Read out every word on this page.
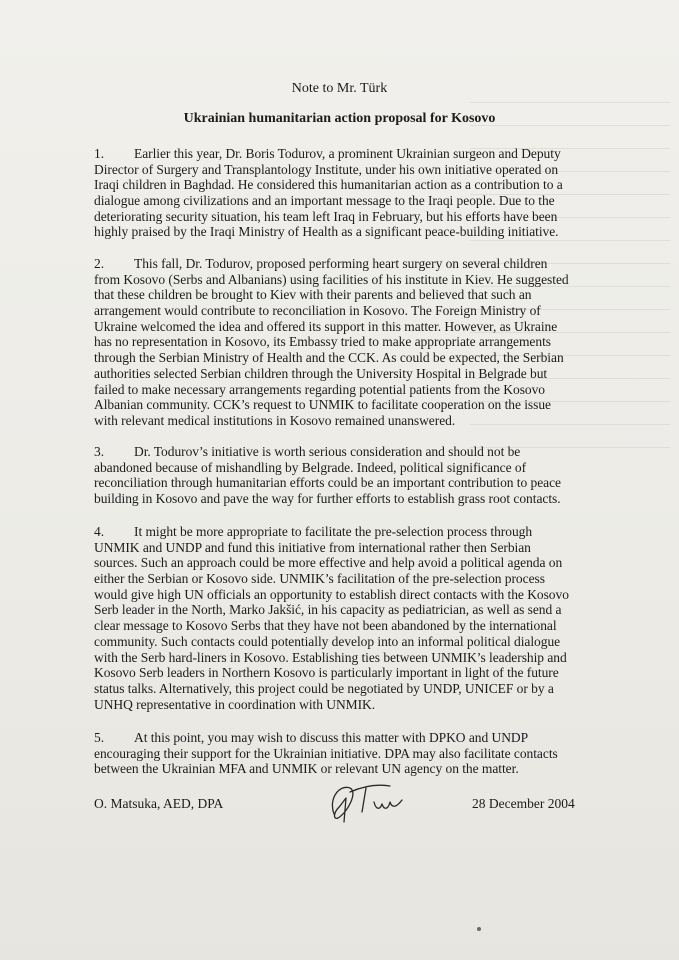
Note to Mr. Türk
Ukrainian humanitarian action proposal for Kosovo
1. Earlier this year, Dr. Boris Todurov, a prominent Ukrainian surgeon and Deputy
Director of Surgery and Transplantology Institute, under his own initiative operated on
Iraqi children in Baghdad. He considered this humanitarian action as a contribution to a
dialogue among civilizations and an important message to the Iraqi people. Due to the
deteriorating security situation, his team left Iraq in February, but his efforts have been
highly praised by the Iraqi Ministry of Health as a significant peace-building initiative.
2. This fall, Dr. Todurov, proposed performing heart surgery on several children
from Kosovo (Serbs and Albanians) using facilities of his institute in Kiev. He suggested
that these children be brought to Kiev with their parents and believed that such an
arrangement would contribute to reconciliation in Kosovo. The Foreign Ministry of
Ukraine welcomed the idea and offered its support in this matter. However, as Ukraine
has no representation in Kosovo, its Embassy tried to make appropriate arrangements
through the Serbian Ministry of Health and the CCK. As could be expected, the Serbian
authorities selected Serbian children through the University Hospital in Belgrade but
failed to make necessary arrangements regarding potential patients from the Kosovo
Albanian community. CCK’s request to UNMIK to facilitate cooperation on the issue
with relevant medical institutions in Kosovo remained unanswered.
3. Dr. Todurov’s initiative is worth serious consideration and should not be
abandoned because of mishandling by Belgrade. Indeed, political significance of
reconciliation through humanitarian efforts could be an important contribution to peace
building in Kosovo and pave the way for further efforts to establish grass root contacts.
4. It might be more appropriate to facilitate the pre-selection process through
UNMIK and UNDP and fund this initiative from international rather then Serbian
sources. Such an approach could be more effective and help avoid a political agenda on
either the Serbian or Kosovo side. UNMIK’s facilitation of the pre-selection process
would give high UN officials an opportunity to establish direct contacts with the Kosovo
Serb leader in the North, Marko Jakšić, in his capacity as pediatrician, as well as send a
clear message to Kosovo Serbs that they have not been abandoned by the international
community. Such contacts could potentially develop into an informal political dialogue
with the Serb hard-liners in Kosovo. Establishing ties between UNMIK’s leadership and
Kosovo Serb leaders in Northern Kosovo is particularly important in light of the future
status talks. Alternatively, this project could be negotiated by UNDP, UNICEF or by a
UNHQ representative in coordination with UNMIK.
5. At this point, you may wish to discuss this matter with DPKO and UNDP
encouraging their support for the Ukrainian initiative. DPA may also facilitate contacts
between the Ukrainian MFA and UNMIK or relevant UN agency on the matter.
O. Matsuka, AED, DPA	28 December 2004
